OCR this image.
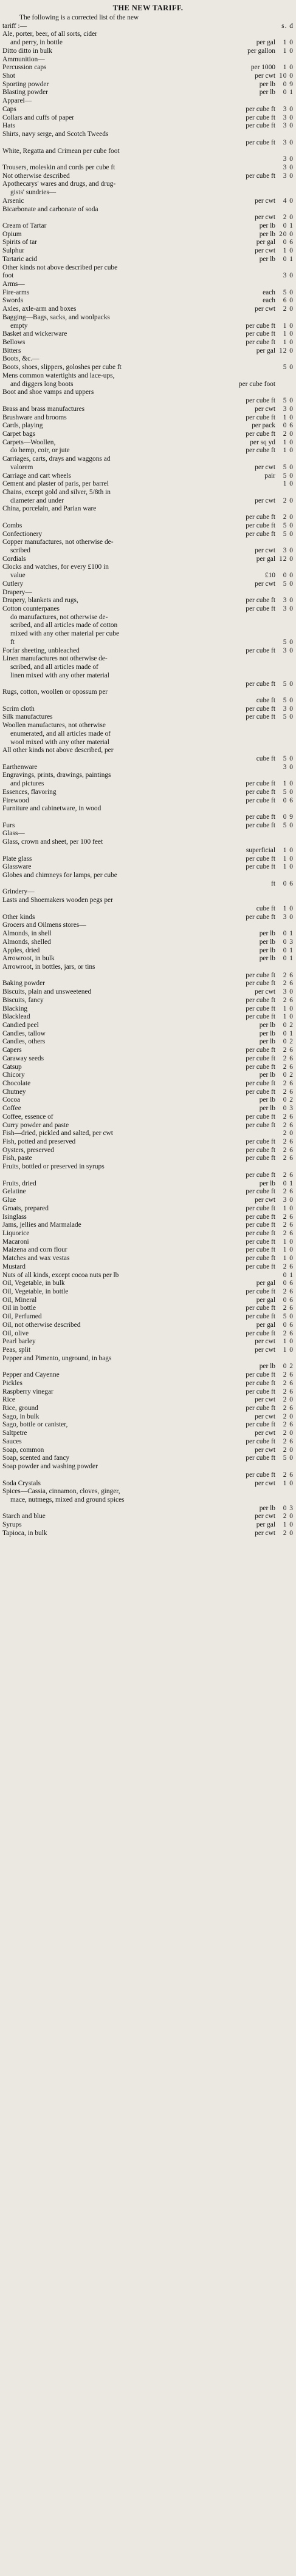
THE NEW TARIFF.
The following is a corrected list of the new
tariff :—	s. d
Ale, porter, beer, of all sorts, cider
and perry, in bottle	per gal	1 0
Ditto ditto in bulk	per gallon	1 0
Ammunition—
Percussion caps	per 1000	1 0
Shot	per cwt 10 0
Sporting powder	per lb	0 9
Blasting powder	per lb	0 1
Apparel—
Caps	per cube ft	3 0
Collars and cuffs of paper	per cube ft	3 0
Hats	per cube ft	3 0
Shirts, navy serge, and Scotch Tweeds
per cube ft	3 0
White, Regatta and Crimean per cube foot
3 0
Trousers, moleskin and cords per cube ft	3 0
Not otherwise described	per cube ft	3 0
Apothecarys' wares and drugs, and drug-
gists' sundries—
Arsenic	per cwt	4 0
Bicarbonate and carbonate of soda
per cwt	2 0
Cream of Tartar	per lb	0 1
Opium	per lb 20 0
Spirits of tar	per gal	0 6
Sulphur	per cwt	1 0
Tartaric acid	per lb	0 1
Other kinds not above described per cube
foot	3 0
Arms—
Fire-arms	each	5 0
Swords	each	6 0
Axles, axle-arm and boxes	per cwt	2 0
Bagging—Bags, sacks, and woolpacks
empty	per cube ft	1 0
Basket and wickerware	per cube ft	1 0
Bellows	per cube ft	1 0
Bitters	per gal 12 0
Boots, &c.—
Boots, shoes, slippers, goloshes per cube ft	5 0
Mens common watertights and lace-ups,
and diggers long boots	per cube foot
Boot and shoe vamps and uppers
per cube ft	5 0
Brass and brass manufactures	per cwt	3 0
Brushware and brooms	per cube ft	1 0
Cards, playing	per pack	0 6
Carpet bags	per cube ft	2 0
Carpets—Woollen,	per sq yd	1 0
do hemp, coir, or jute	per cube ft	1 0
Carriages, carts, drays and waggons ad
valorem	per cwt	5 0
Carriage and cart wheels	pair	5 0
Cement and plaster of paris, per barrel	1 0
Chains, except gold and silver, 5/8th in
diameter and under	per cwt	2 0
China, porcelain, and Parian ware
per cube ft	2 0
Combs	per cube ft	5 0
Confectionery	per cube ft	5 0
Copper manufactures, not otherwise de-
scribed	per cwt	3 0
Cordials	per gal 12 0
Clocks and watches, for every £100 in
value	£10	0 0
Cutlery	per cwt	5 0
Drapery—
Drapery, blankets and rugs,	per cube ft	3 0
Cotton counterpanes	per cube ft	3 0
do manufactures, not otherwise de-
scribed, and all articles made of cotton
mixed with any other material per cube
ft	5 0
Forfar sheeting, unbleached	per cube ft	3 0
Linen manufactures not otherwise de-
scribed, and all articles made of
linen mixed with any other material
per cube ft	5 0
Rugs, cotton, woollen or opossum per
cube ft	5 0
Scrim cloth	per cube ft	3 0
Silk manufactures	per cube ft	5 0
Woollen manufactures, not otherwise
enumerated, and all articles made of
wool mixed with any other material
All other kinds not above described, per
cube ft	5 0
Earthenware	3 0
Engravings, prints, drawings, paintings
and pictures	per cube ft	1 0
Essences, flavoring	per cube ft	5 0
Firewood	per cube ft	0 6
Furniture and cabinetware, in wood
per cube ft	0 9
Furs	per cube ft	5 0
Glass—
Glass, crown and sheet, per 100 feet
superficial	1 0
Plate glass	per cube ft	1 0
Glassware	per cube ft	1 0
Globes and chimneys for lamps, per cube
ft	0 6
Grindery—
Lasts and Shoemakers wooden pegs per
cube ft	1 0
Other kinds	per cube ft	3 0
Grocers and Oilmens stores—
Almonds, in shell	per lb	0 1
Almonds, shelled	per lb	0 3
Apples, dried	per lb	0 1
Arrowroot, in bulk	per lb	0 1
Arrowroot, in bottles, jars, or tins
per cube ft	2 6
Baking powder	per cube ft	2 6
Biscuits, plain and unsweetened	per cwt	3 0
Biscuits, fancy	per cube ft	2 6
Blacking	per cube ft	1 0
Blacklead	per cube ft	1 0
Candied peel	per lb	0 2
Candles, tallow	per lb	0 1
Candles, others	per lb	0 2
Capers	per cube ft	2 6
Caraway seeds	per cube ft	2 6
Catsup	per cube ft	2 6
Chicory	per lb	0 2
Chocolate	per cube ft	2 6
Chutney	per cube ft	2 6
Cocoa	per lb	0 2
Coffee	per lb	0 3
Coffee, essence of	per cube ft	2 6
Curry powder and paste	per cube ft	2 6
Fish—dried, pickled and salted, per cwt	2 0
Fish, potted and preserved	per cube ft	2 6
Oysters, preserved	per cube ft	2 6
Fish, paste	per cube ft	2 6
Fruits, bottled or preserved in syrups
per cube ft	2 6
Fruits, dried	per lb	0 1
Gelatine	per cube ft	2 6
Glue	per cwt	3 0
Groats, prepared	per cube ft	1 0
Isinglass	per cube ft	2 6
Jams, jellies and Marmalade	per cube ft	2 6
Liquorice	per cube ft	2 6
Macaroni	per cube ft	1 0
Maizena and corn flour	per cube ft	1 0
Matches and wax vestas	per cube ft	1 0
Mustard	per cube ft	2 6
Nuts of all kinds, except cocoa nuts per lb	0 1
Oil, Vegetable, in bulk	per gal	0 6
Oil, Vegetable, in bottle	per cube ft	2 6
Oil, Mineral	per gal	0 6
Oil in bottle	per cube ft	2 6
Oil, Perfumed	per cube ft	5 0
Oil, not otherwise described	per gal	0 6
Oil, olive	per cube ft	2 6
Pearl barley	per cwt	1 0
Peas, split	per cwt	1 0
Pepper and Pimento, unground, in bags
per lb	0 2
Pepper and Cayenne	per cube ft	2 6
Pickles	per cube ft	2 6
Raspberry vinegar	per cube ft	2 6
Rice	per cwt	2 0
Rice, ground	per cube ft	2 6
Sago, in bulk	per cwt	2 0
Sago, bottle or canister,	per cube ft	2 6
Saltpetre	per cwt	2 0
Sauces	per cube ft	2 6
Soap, common	per cwt	2 0
Soap, scented and fancy	per cube ft	5 0
Soap powder and washing powder
per cube ft	2 6
Soda Crystals	per cwt	1 0
Spices—Cassia, cinnamon, cloves, ginger,
mace, nutmegs, mixed and ground spices
per lb	0 3
Starch and blue	per cwt	2 0
Syrups	per gal	1 0
Tapioca, in bulk	per cwt	2 0
